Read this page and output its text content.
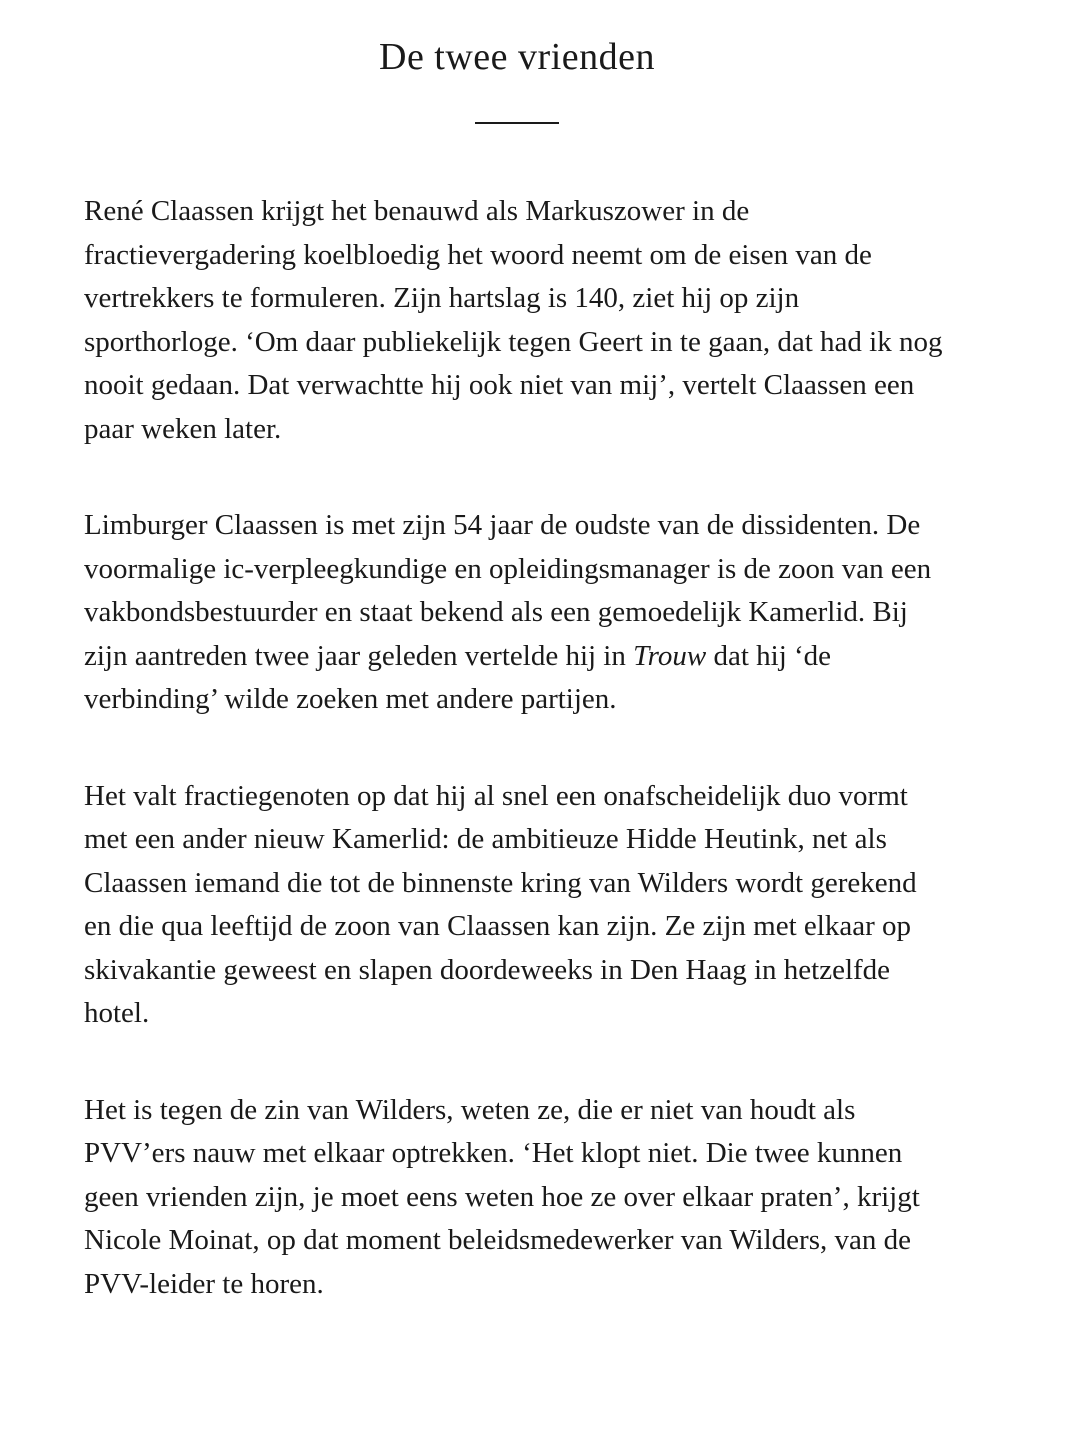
De twee vrienden

René Claassen krijgt het benauwd als Markuszower in de fractievergadering koelbloedig het woord neemt om de eisen van de vertrekkers te formuleren. Zijn hartslag is 140, ziet hij op zijn sporthorloge. ‘Om daar publiekelijk tegen Geert in te gaan, dat had ik nog nooit gedaan. Dat verwachtte hij ook niet van mij’, vertelt Claassen een paar weken later.

Limburger Claassen is met zijn 54 jaar de oudste van de dissidenten. De voormalige ic-verpleegkundige en opleidingsmanager is de zoon van een vakbondsbestuurder en staat bekend als een gemoedelijk Kamerlid. Bij zijn aantreden twee jaar geleden vertelde hij in Trouw dat hij ‘de verbinding’ wilde zoeken met andere partijen.

Het valt fractiegenoten op dat hij al snel een onafscheidelijk duo vormt met een ander nieuw Kamerlid: de ambitieuze Hidde Heutink, net als Claassen iemand die tot de binnenste kring van Wilders wordt gerekend en die qua leeftijd de zoon van Claassen kan zijn. Ze zijn met elkaar op skivakantie geweest en slapen doordeweeks in Den Haag in hetzelfde hotel.

Het is tegen de zin van Wilders, weten ze, die er niet van houdt als PVV’ers nauw met elkaar optrekken. ‘Het klopt niet. Die twee kunnen geen vrienden zijn, je moet eens weten hoe ze over elkaar praten’, krijgt Nicole Moinat, op dat moment beleidsmedewerker van Wilders, van de PVV-leider te horen.
